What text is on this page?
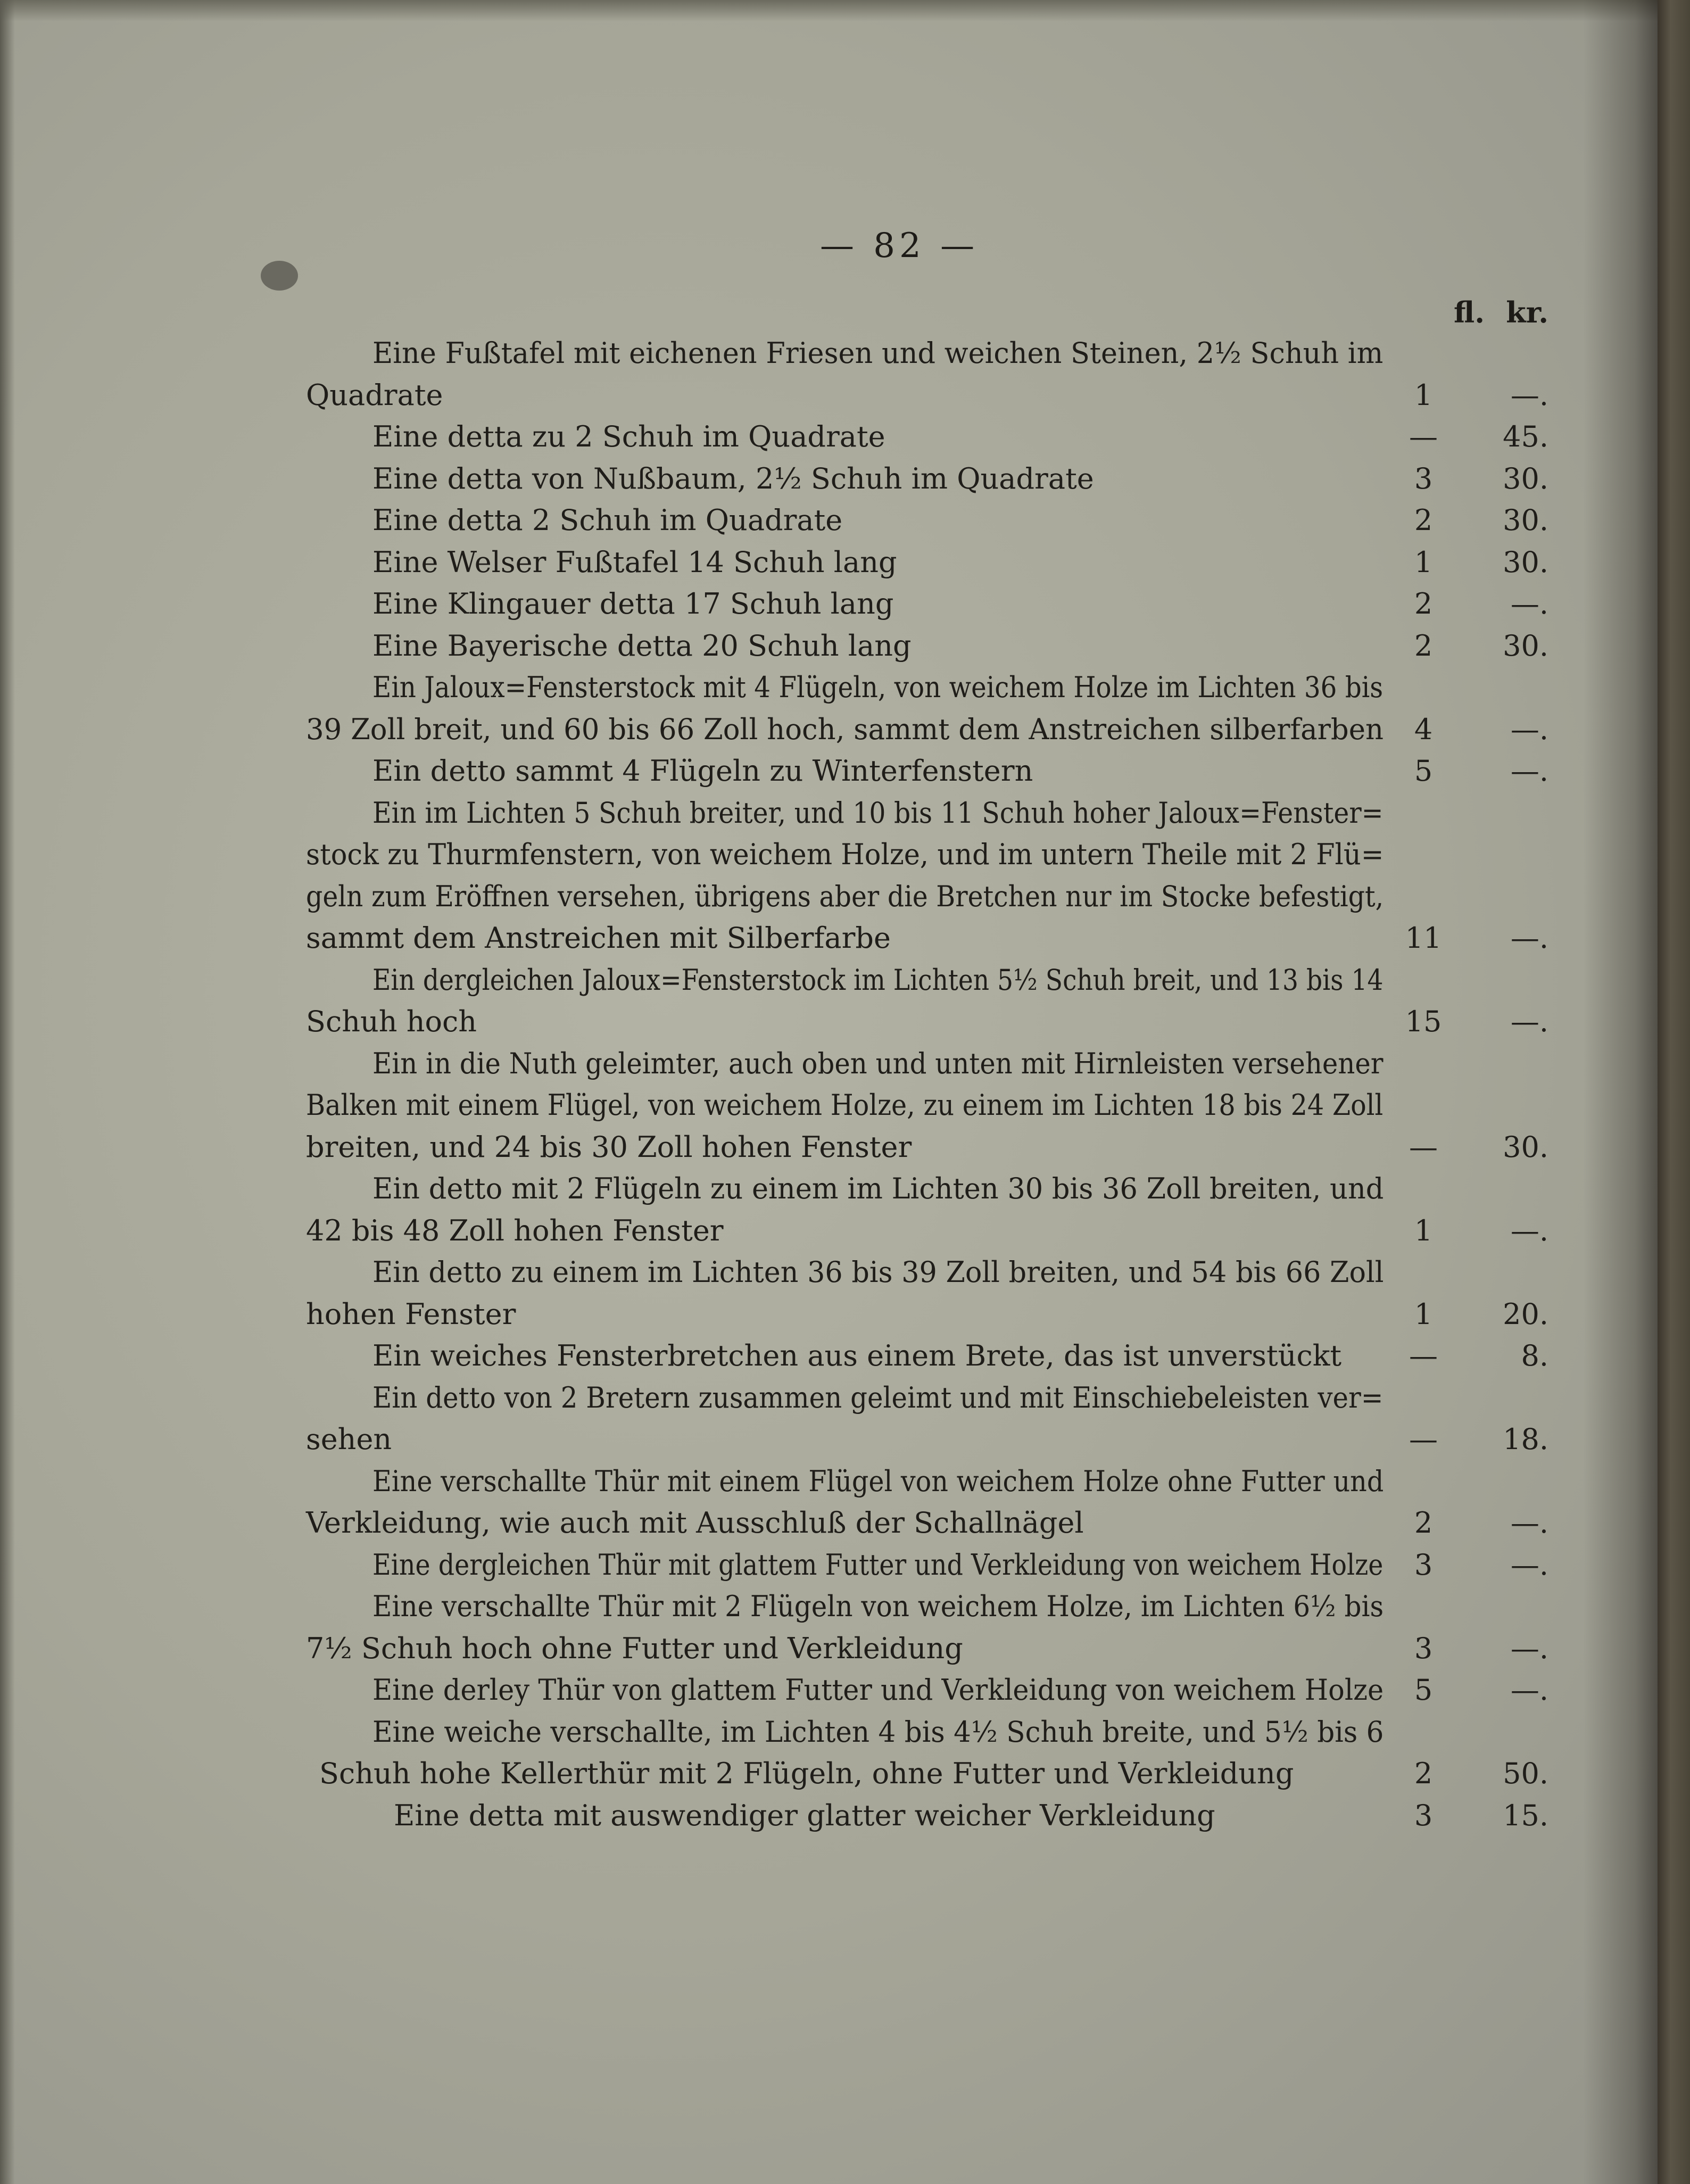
— 82 —
fl. kr.
Eine Fußtafel mit eichenen Friesen und weichen Steinen, 2½ Schuh im
Quadrate	1	—.
Eine detta zu 2 Schuh im Quadrate	—	45.
Eine detta von Nußbaum, 2½ Schuh im Quadrate	3	30.
Eine detta 2 Schuh im Quadrate	2	30.
Eine Welser Fußtafel 14 Schuh lang	1	30.
Eine Klingauer detta 17 Schuh lang	2	—.
Eine Bayerische detta 20 Schuh lang	2	30.
Ein Jaloux=Fensterstock mit 4 Flügeln, von weichem Holze im Lichten 36 bis
39 Zoll breit, und 60 bis 66 Zoll hoch, sammt dem Anstreichen silberfarben	4	—.
Ein detto sammt 4 Flügeln zu Winterfenstern	5	—.
Ein im Lichten 5 Schuh breiter, und 10 bis 11 Schuh hoher Jaloux=Fenster=
stock zu Thurmfenstern, von weichem Holze, und im untern Theile mit 2 Flü=
geln zum Eröffnen versehen, übrigens aber die Bretchen nur im Stocke befestigt,
sammt dem Anstreichen mit Silberfarbe	11	—.
Ein dergleichen Jaloux=Fensterstock im Lichten 5½ Schuh breit, und 13 bis 14
Schuh hoch	15	—.
Ein in die Nuth geleimter, auch oben und unten mit Hirnleisten versehener
Balken mit einem Flügel, von weichem Holze, zu einem im Lichten 18 bis 24 Zoll
breiten, und 24 bis 30 Zoll hohen Fenster	—	30.
Ein detto mit 2 Flügeln zu einem im Lichten 30 bis 36 Zoll breiten, und
42 bis 48 Zoll hohen Fenster	1	—.
Ein detto zu einem im Lichten 36 bis 39 Zoll breiten, und 54 bis 66 Zoll
hohen Fenster	1	20.
Ein weiches Fensterbretchen aus einem Brete, das ist unverstückt	—	8.
Ein detto von 2 Bretern zusammen geleimt und mit Einschiebeleisten ver=
sehen	—	18.
Eine verschallte Thür mit einem Flügel von weichem Holze ohne Futter und
Verkleidung, wie auch mit Ausschluß der Schallnägel	2	—.
Eine dergleichen Thür mit glattem Futter und Verkleidung von weichem Holze	3	—.
Eine verschallte Thür mit 2 Flügeln von weichem Holze, im Lichten 6½ bis
7½ Schuh hoch ohne Futter und Verkleidung	3	—.
Eine derley Thür von glattem Futter und Verkleidung von weichem Holze	5	—.
Eine weiche verschallte, im Lichten 4 bis 4½ Schuh breite, und 5½ bis 6
Schuh hohe Kellerthür mit 2 Flügeln, ohne Futter und Verkleidung	2	50.
Eine detta mit auswendiger glatter weicher Verkleidung	3	15.
